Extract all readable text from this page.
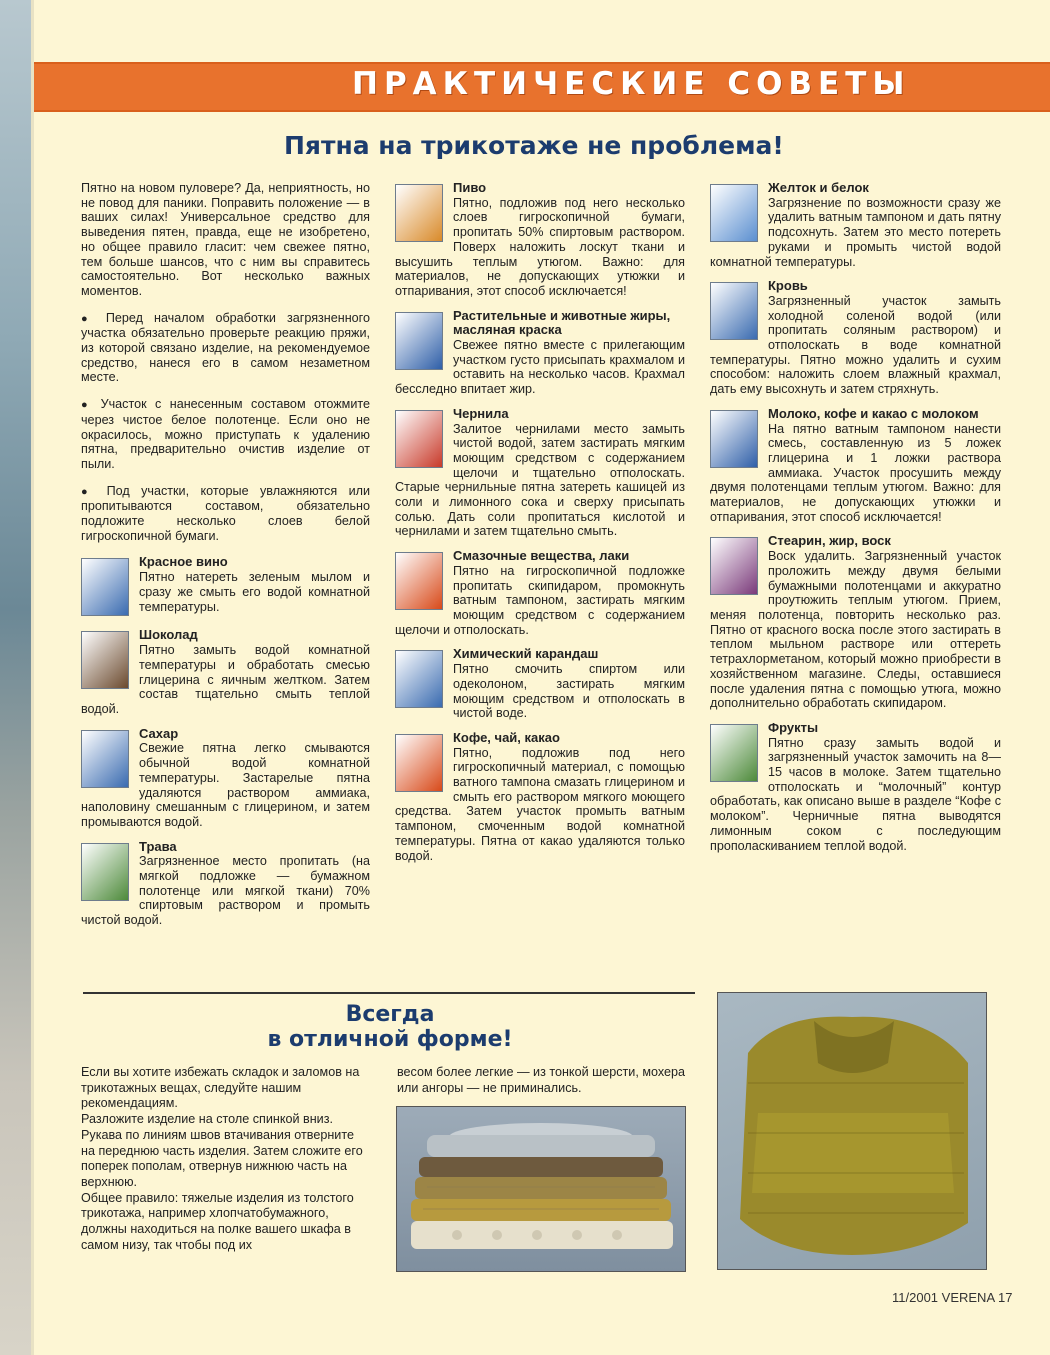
ПРАКТИЧЕСКИЕ СОВЕТЫ
Пятна на трикотаже не проблема!

Пятно на новом пуловере? Да, неприятность, но не повод для паники. Поправить положение — в ваших силах! Универсальное средство для выведения пятен, правда, еще не изобретено, но общее правило гласит: чем свежее пятно, тем больше шансов, что с ним вы справитесь самостоятельно. Вот несколько важных моментов.

● Перед началом обработки загрязненного участка обязательно проверьте реакцию пряжи, из которой связано изделие, на рекомендуемое средство, нанеся его в самом незаметном месте.

● Участок с нанесенным составом отожмите через чистое белое полотенце. Если оно не окрасилось, можно приступать к удалению пятна, предварительно очистив изделие от пыли.

● Под участки, которые увлажняются или пропитываются составом, обязательно подложите несколько слоев белой гигроскопичной бумаги.

Красное вино
Пятно натереть зеленым мылом и сразу же смыть его водой комнатной температуры.
Шоколад
Пятно замыть водой комнатной температуры и обработать смесью глицерина с яичным желтком. Затем состав тщательно смыть теплой водой.
Сахар
Свежие пятна легко смываются обычной водой комнатной температуры. Застарелые пятна удаляются раствором аммиака, наполовину смешанным с глицерином, и затем промываются водой.
Трава
Загрязненное место пропитать (на мягкой подложке — бумажном полотенце или мягкой ткани) 70% спиртовым раствором и промыть чистой водой.
Пиво
Пятно, подложив под него несколько слоев гигроскопичной бумаги, пропитать 50% спиртовым раствором. Поверх наложить лоскут ткани и высушить теплым утюгом. Важно: для материалов, не допускающих утюжки и отпаривания, этот способ исключается!
Растительные и животные жиры, масляная краска
Свежее пятно вместе с прилегающим участком густо присыпать крахмалом и оставить на несколько часов. Крахмал бесследно впитает жир.
Чернила
Залитое чернилами место замыть чистой водой, затем застирать мягким моющим средством с содержанием щелочи и тщательно отполоскать. Старые чернильные пятна затереть кашицей из соли и лимонного сока и сверху присыпать солью. Дать соли пропитаться кислотой и чернилами и затем тщательно смыть.
Смазочные вещества, лаки
Пятно на гигроскопичной подложке пропитать скипидаром, промокнуть ватным тампоном, застирать мягким моющим средством с содержанием щелочи и отполоскать.
Химический карандаш
Пятно смочить спиртом или одеколоном, застирать мягким моющим средством и отполоскать в чистой воде.
Кофе, чай, какао
Пятно, подложив под него гигроскопичный материал, с помощью ватного тампона смазать глицерином и смыть его раствором мягкого моющего средства. Затем участок промыть ватным тампоном, смоченным водой комнатной температуры. Пятна от какао удаляются только водой.
Желток и белок
Загрязнение по возможности сразу же удалить ватным тампоном и дать пятну подсохнуть. Затем это место потереть руками и промыть чистой водой комнатной температуры.
Кровь
Загрязненный участок замыть холодной соленой водой (или пропитать соляным раствором) и отполоскать в воде комнатной температуры. Пятно можно удалить и сухим способом: наложить слоем влажный крахмал, дать ему высохнуть и затем стряхнуть.
Молоко, кофе и какао с молоком
На пятно ватным тампоном нанести смесь, составленную из 5 ложек глицерина и 1 ложки раствора аммиака. Участок просушить между двумя полотенцами теплым утюгом. Важно: для материалов, не допускающих утюжки и отпаривания, этот способ исключается!
Стеарин, жир, воск
Воск удалить. Загрязненный участок проложить между двумя белыми бумажными полотенцами и аккуратно проутюжить теплым утюгом. Прием, меняя полотенца, повторить несколько раз. Пятно от красного воска после этого застирать в теплом мыльном растворе или оттереть тетрахлорметаном, который можно приобрести в хозяйственном магазине. Следы, оставшиеся после удаления пятна с помощью утюга, можно дополнительно обработать скипидаром.
Фрукты
Пятно сразу замыть водой и загрязненный участок замочить на 8—15 часов в молоке. Затем тщательно отполоскать и “молочный” контур обработать, как описано выше в разделе “Кофе с молоком”. Черничные пятна выводятся лимонным соком с последующим прополаскиванием теплой водой.
Всегда
в отличной форме!

Если вы хотите избежать складок и заломов на трикотажных вещах, следуйте нашим рекомендациям.

Разложите изделие на столе спинкой вниз. Рукава по линиям швов втачивания отверните на переднюю часть изделия. Затем сложите его поперек пополам, отвернув нижнюю часть на верхнюю.

Общее правило: тяжелые изделия из толстого трикотажа, например хлопчатобумажного, должны находиться на полке вашего шкафа в самом низу, так чтобы под их

весом более легкие — из тонкой шерсти, мохера или ангоры — не приминались.

11/2001 VERENA 17
